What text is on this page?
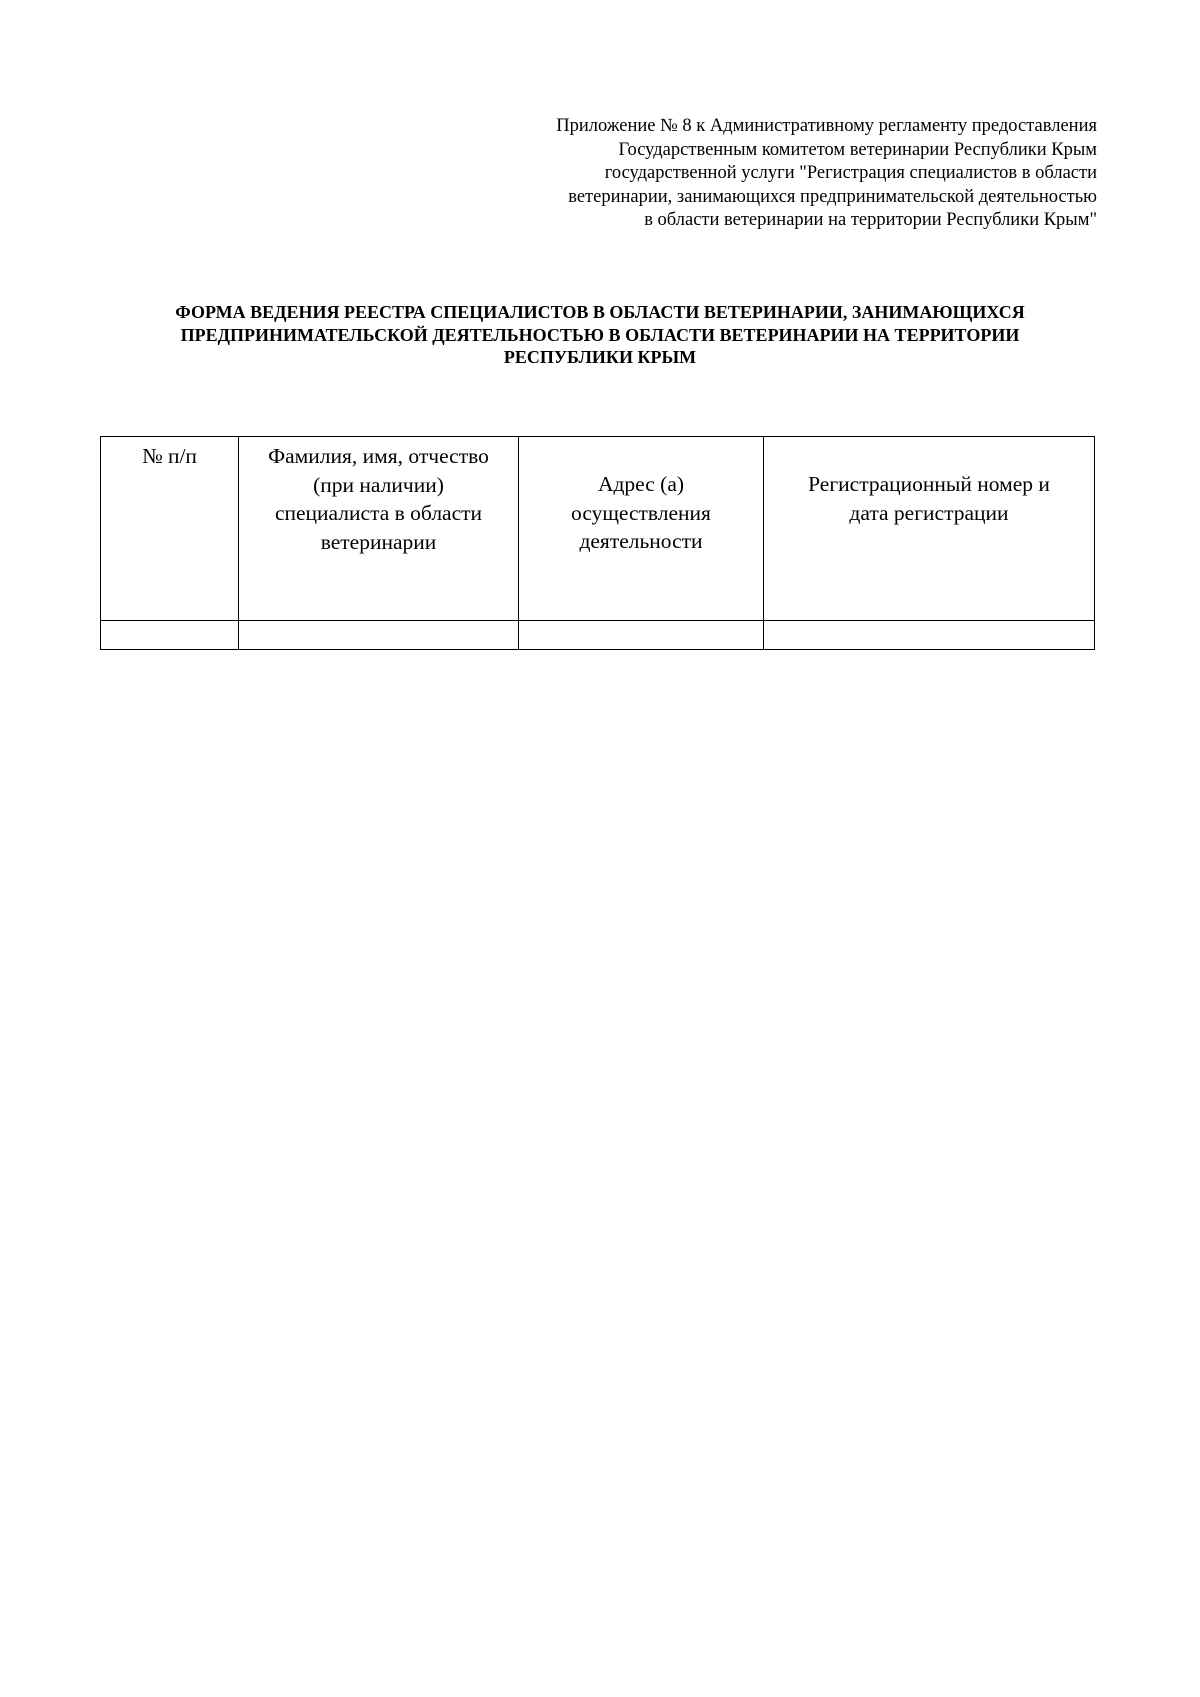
Приложение № 8 к Административному регламенту предоставления
Государственным комитетом ветеринарии Республики Крым
государственной услуги "Регистрация специалистов в области
ветеринарии, занимающихся предпринимательской деятельностью
в области ветеринарии на территории Республики Крым"
ФОРМА ВЕДЕНИЯ РЕЕСТРА СПЕЦИАЛИСТОВ В ОБЛАСТИ ВЕТЕРИНАРИИ, ЗАНИМАЮЩИХСЯ
ПРЕДПРИНИМАТЕЛЬСКОЙ ДЕЯТЕЛЬНОСТЬЮ В ОБЛАСТИ ВЕТЕРИНАРИИ НА ТЕРРИТОРИИ
РЕСПУБЛИКИ КРЫМ
№ п/п	Фамилия, имя, отчество
(при наличии)
специалиста в области
ветеринарии	Адрес (а)
осуществления
деятельности	Регистрационный номер и
дата регистрации
